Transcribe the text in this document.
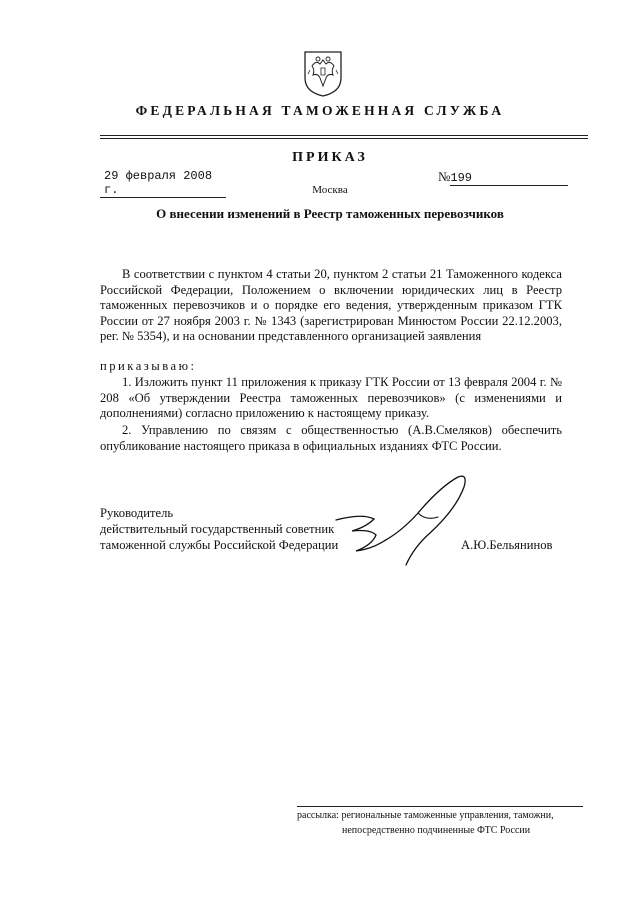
ФЕДЕРАЛЬНАЯ ТАМОЖЕННАЯ СЛУЖБА
ПРИКАЗ
29 февраля 2008 г.
№199
Москва
О внесении изменений в Реестр таможенных перевозчиков
В соответствии с пунктом 4 статьи 20, пунктом 2 статьи 21 Таможенного кодекса Российской Федерации, Положением о включении юридических лиц в Реестр таможенных перевозчиков и о порядке его ведения, утвержденным приказом ГТК России от 27 ноября 2003 г. № 1343 (зарегистрирован Минюстом России 22.12.2003, рег. № 5354), и на основании представленного организацией заявления
приказываю:
1. Изложить пункт 11 приложения к приказу ГТК России от 13 февраля 2004 г. № 208 «Об утверждении Реестра таможенных перевозчиков» (с изменениями и дополнениями) согласно приложению к настоящему приказу.
2. Управлению по связям с общественностью (А.В.Смеляков) обеспечить опубликование настоящего приказа в официальных изданиях ФТС России.
Руководитель
действительный государственный советник
таможенной службы Российской Федерации	А.Ю.Бельянинов
рассылка: региональные таможенные управления, таможни,
непосредственно подчиненные ФТС России
